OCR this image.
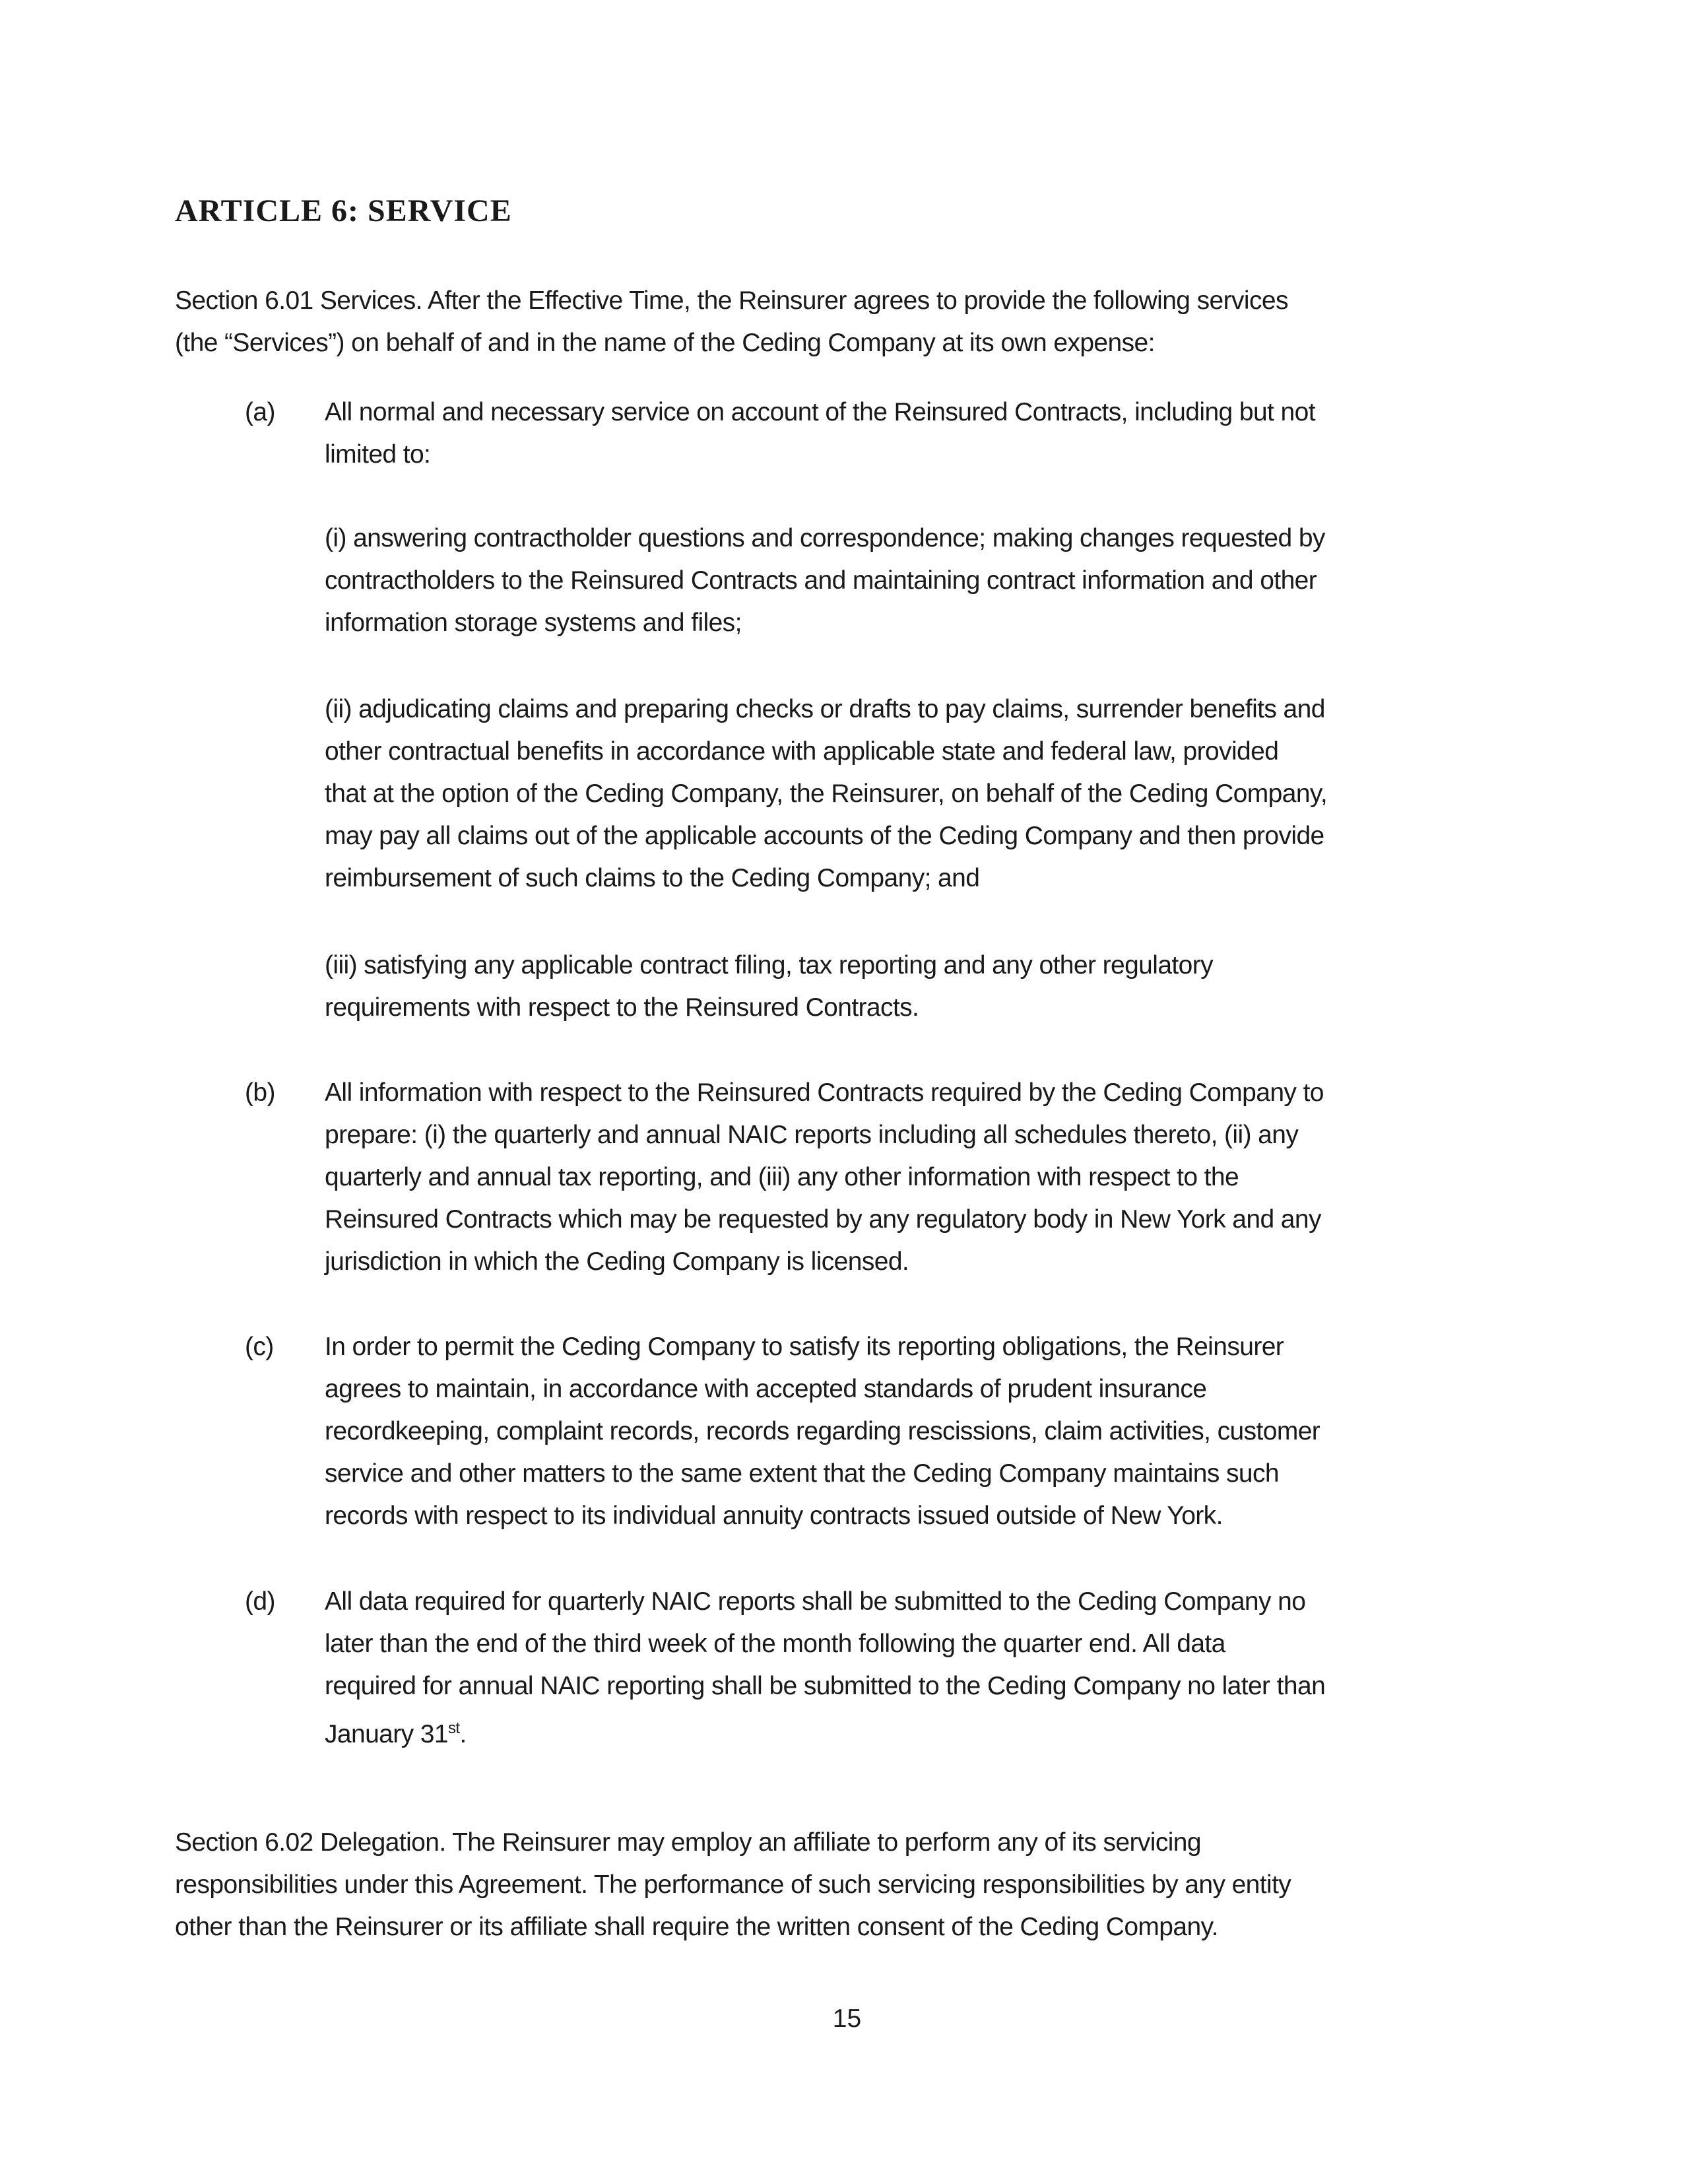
ARTICLE 6: SERVICE
Section 6.01 Services. After the Effective Time, the Reinsurer agrees to provide the following services
(the “Services”) on behalf of and in the name of the Ceding Company at its own expense:
(a) All normal and necessary service on account of the Reinsured Contracts, including but not
limited to:
(i) answering contractholder questions and correspondence; making changes requested by
contractholders to the Reinsured Contracts and maintaining contract information and other
information storage systems and files;
(ii) adjudicating claims and preparing checks or drafts to pay claims, surrender benefits and
other contractual benefits in accordance with applicable state and federal law, provided
that at the option of the Ceding Company, the Reinsurer, on behalf of the Ceding Company,
may pay all claims out of the applicable accounts of the Ceding Company and then provide
reimbursement of such claims to the Ceding Company; and
(iii) satisfying any applicable contract filing, tax reporting and any other regulatory
requirements with respect to the Reinsured Contracts.
(b) All information with respect to the Reinsured Contracts required by the Ceding Company to
prepare: (i) the quarterly and annual NAIC reports including all schedules thereto, (ii) any
quarterly and annual tax reporting, and (iii) any other information with respect to the
Reinsured Contracts which may be requested by any regulatory body in New York and any
jurisdiction in which the Ceding Company is licensed.
(c) In order to permit the Ceding Company to satisfy its reporting obligations, the Reinsurer
agrees to maintain, in accordance with accepted standards of prudent insurance
recordkeeping, complaint records, records regarding rescissions, claim activities, customer
service and other matters to the same extent that the Ceding Company maintains such
records with respect to its individual annuity contracts issued outside of New York.
(d) All data required for quarterly NAIC reports shall be submitted to the Ceding Company no
later than the end of the third week of the month following the quarter end. All data
required for annual NAIC reporting shall be submitted to the Ceding Company no later than
January 31st.
Section 6.02 Delegation. The Reinsurer may employ an affiliate to perform any of its servicing
responsibilities under this Agreement. The performance of such servicing responsibilities by any entity
other than the Reinsurer or its affiliate shall require the written consent of the Ceding Company.
15
